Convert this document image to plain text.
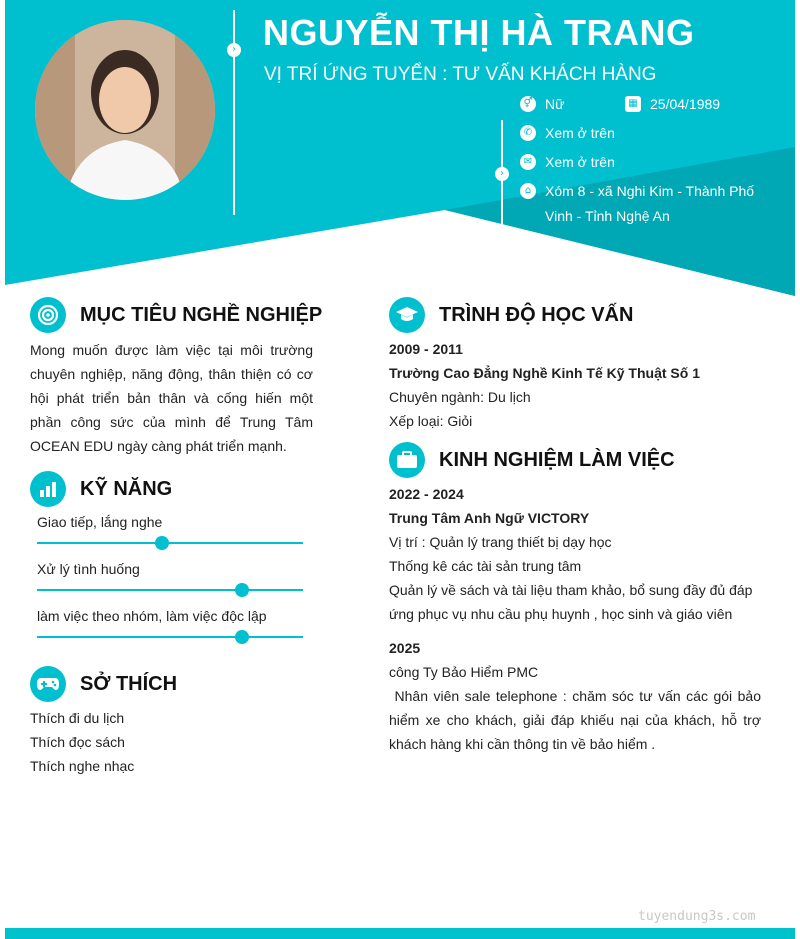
› NGUYỄN THỊ HÀ TRANG
VỊ TRÍ ỨNG TUYỂN : TƯ VẤN KHÁCH HÀNG
›
⚥ Nữ	▦ 25/04/1989
✆ Xem ở trên
✉ Xem ở trên
⌂ Xóm 8 - xã Nghi Kim - Thành Phố
Vinh - Tỉnh Nghệ An
MỤC TIÊU NGHỀ NGHIỆP
Mong muốn được làm việc tại môi trường chuyên nghiệp, năng động, thân thiện có cơ hội phát triển bản thân và cống hiến một phần công sức của mình để Trung Tâm OCEAN EDU ngày càng phát triển mạnh.
KỸ NĂNG
Giao tiếp, lắng nghe
Xử lý tình huống
làm việc theo nhóm, làm việc độc lập
SỞ THÍCH
Thích đi du lịch
Thích đọc sách
Thích nghe nhạc
TRÌNH ĐỘ HỌC VẤN
2009 - 2011
Trường Cao Đẳng Nghề Kinh Tế Kỹ Thuật Số 1
Chuyên ngành: Du lịch
Xếp loại: Giỏi
KINH NGHIỆM LÀM VIỆC
2022 - 2024
Trung Tâm Anh Ngữ VICTORY
Vị trí : Quản lý trang thiết bị dạy học
Thống kê các tài sản trung tâm
Quản lý về sách và tài liệu tham khảo, bổ sung đầy đủ đáp ứng phục vụ nhu cầu phụ huynh , học sinh và giáo viên
2025
công Ty Bảo Hiểm PMC
Nhân viên sale telephone : chăm sóc tư vấn các gói bảo hiểm xe cho khách, giải đáp khiếu nại của khách, hỗ trợ khách hàng khi cần thông tin về bảo hiểm .
tuyendung3s.com
